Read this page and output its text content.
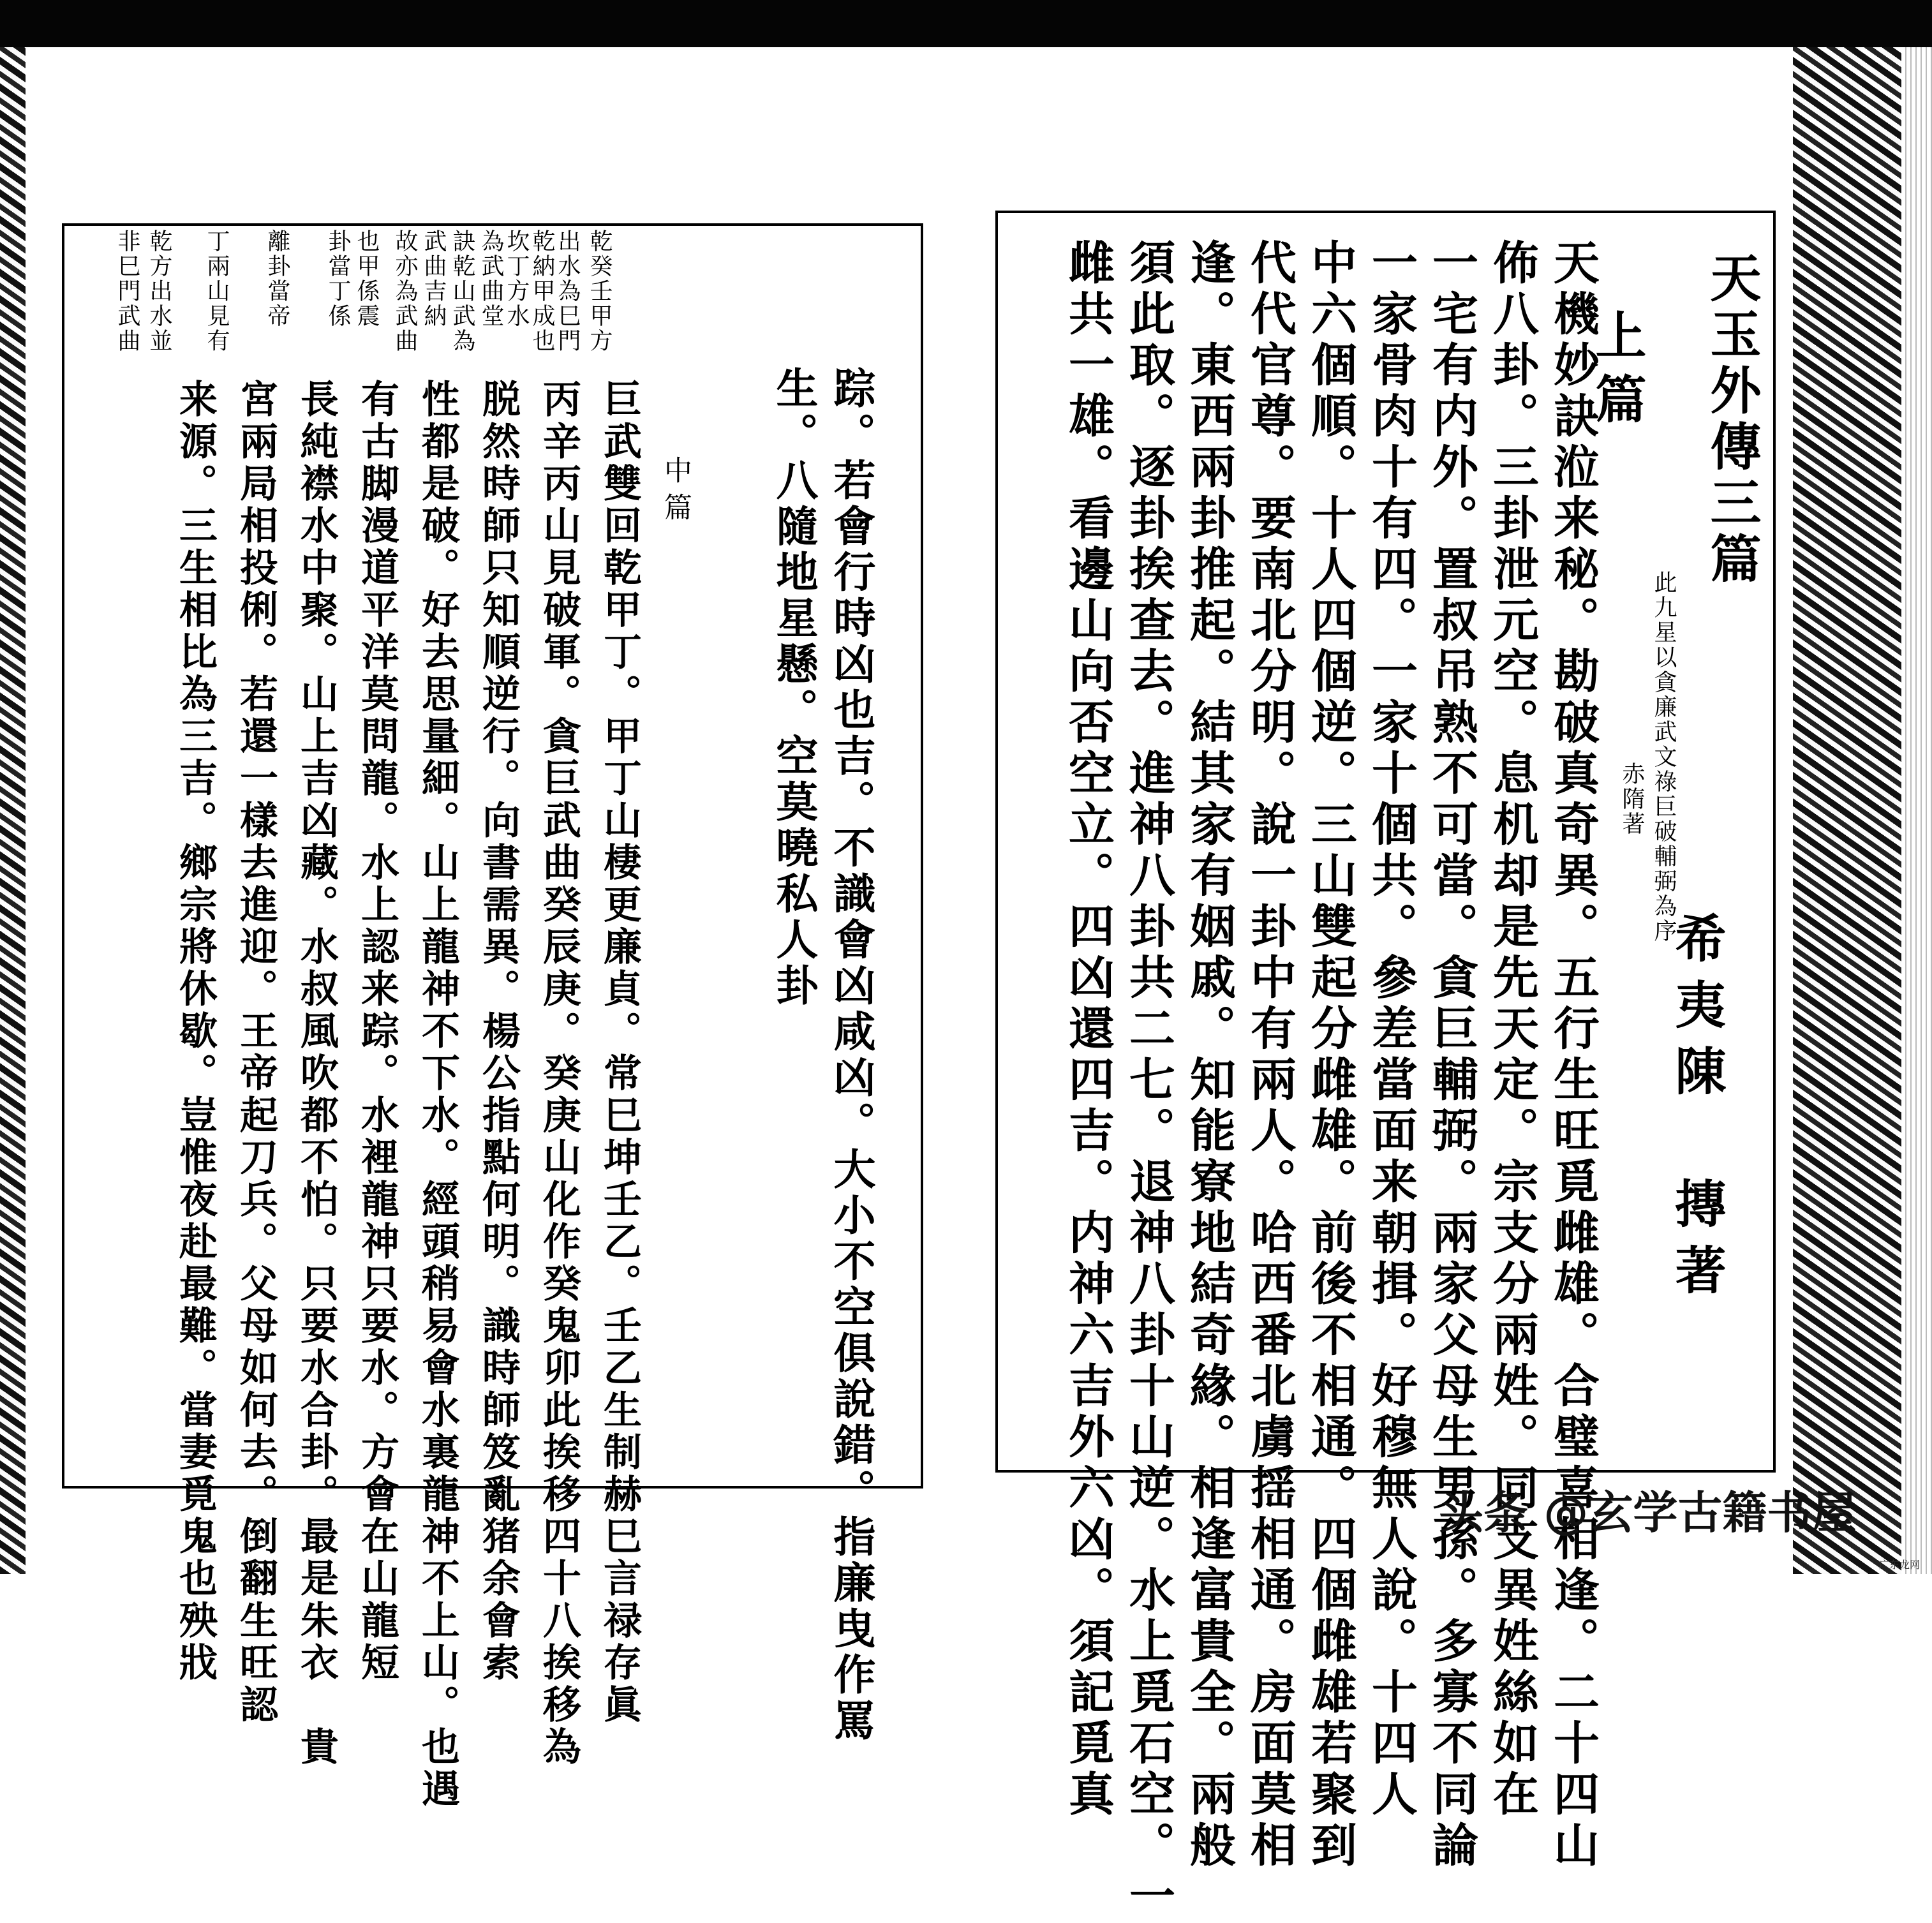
天玉外傳三篇
此九星以貪廉武文祿巨破輔弼為序
赤隋著
希夷陳　摶著
上篇
天機妙訣涖来秘。勘破真奇異。五行生旺覓雌雄。合璧喜相逢。二十四山
佈八卦。三卦泄元空。息机却是先天定。宗支分兩姓。同支異姓絲如在
一宅有内外。置叔吊熟不可當。貪巨輔弼。兩家父母生男孫。多寡不同論
一家骨肉十有四。一家十個共。參差當面来朝揖。好穆無人說。十四人
中六個順。十人四個逆。三山雙起分雌雄。前後不相通。四個雌雄若聚到
代代官尊。要南北分明。說一卦中有兩人。哈西番北虜揺相通。房面莫相
逢。東西兩卦推起。結其家有姻戚。知能寮地結奇緣。相逢富貴全。兩般
須此取。逐卦挨查去。進神八卦共二七。退神八卦十山逆。水上覓石空。一
雌共一雄。看邊山向否空立。四凶還四吉。内神六吉外六凶。須記覓真
踪。若會行時凶也吉。不識會凶咸凶。大小不空俱說錯。指廉曳作罵
生。八隨地星懸。空莫曉私人卦
中篇
巨武雙回乾甲丁。甲丁山棲更廉貞。常巳坤壬乙。壬乙生制赫巳言禄存眞
丙辛丙山見破軍。貪巨武曲癸辰庚。癸庚山化作癸鬼卯此挨移四十八挨移為
脱然時師只知順逆行。向書需異。楊公指點何明。識時師笈亂猪余會索
性都是破。好去思量細。山上龍神不下水。經頭稍易會水裏龍神不上山。也遇
有古脚漫道平洋莫問龍。水上認来踪。水裡龍神只要水。方會在山龍短
長純襟水中聚。山上吉凶藏。水叔風吹都不怕。只要水合卦。最是朱衣　貴
宮兩局相投俐。若還一樣去進迎。王帝起刀兵。父母如何去。倒翻生旺認
来源。三生相比為三吉。鄉宗將休歇。豈惟夜赴最難。當妻覓鬼也殃戕
乾癸壬甲方
出水為巳門
乾納甲成也
坎丁方水
為武曲堂
訣乾山武為
武曲吉納
故亦為武曲
也甲係震
卦當丁係
離卦當帝
丁兩山見有
乾方出水並
非巳門武曲
头条 @玄学古籍书屋
广东龙网
